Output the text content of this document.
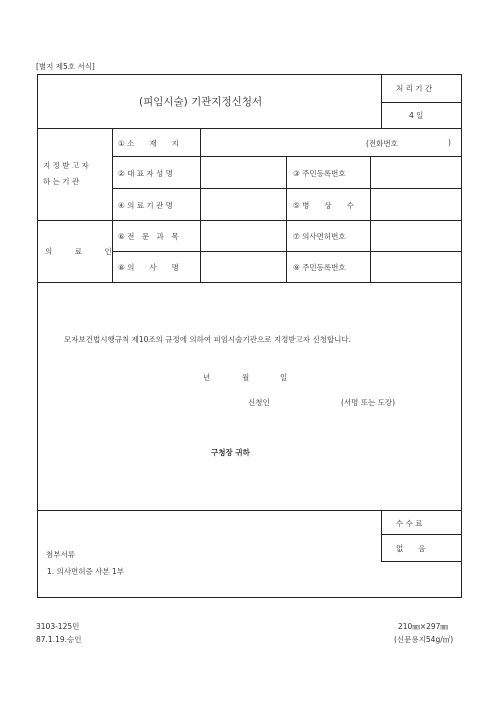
[별지 제5호 서식]
(피임시술) 기관지정신청서
처 리 기 간
4 일
지 정 받 고 자
하 는 기 관
① 소　　재　　지	(전화번호	)
② 대 표 자 성 명	③ 주민등록번호
④ 의 료 기 관 명	⑤ 병　　상　　수
의　　　료　　　인
⑥ 전　문　과　목	⑦ 의사면허번호
⑧ 의　　사　　명	⑨ 주민등록번호
모자보건법시행규칙 제10조의 규정에 의하여 피임시술기관으로 지정받고자 신청합니다.
년	월	일
신청인	(서명 또는 도장)
구청장 귀하
첨부서류
1. 의사면허증 사본 1부
수 수 료
없　　음
3103-125민
87.1.19.승인
210㎜×297㎜
(신문용지54g/㎡)
